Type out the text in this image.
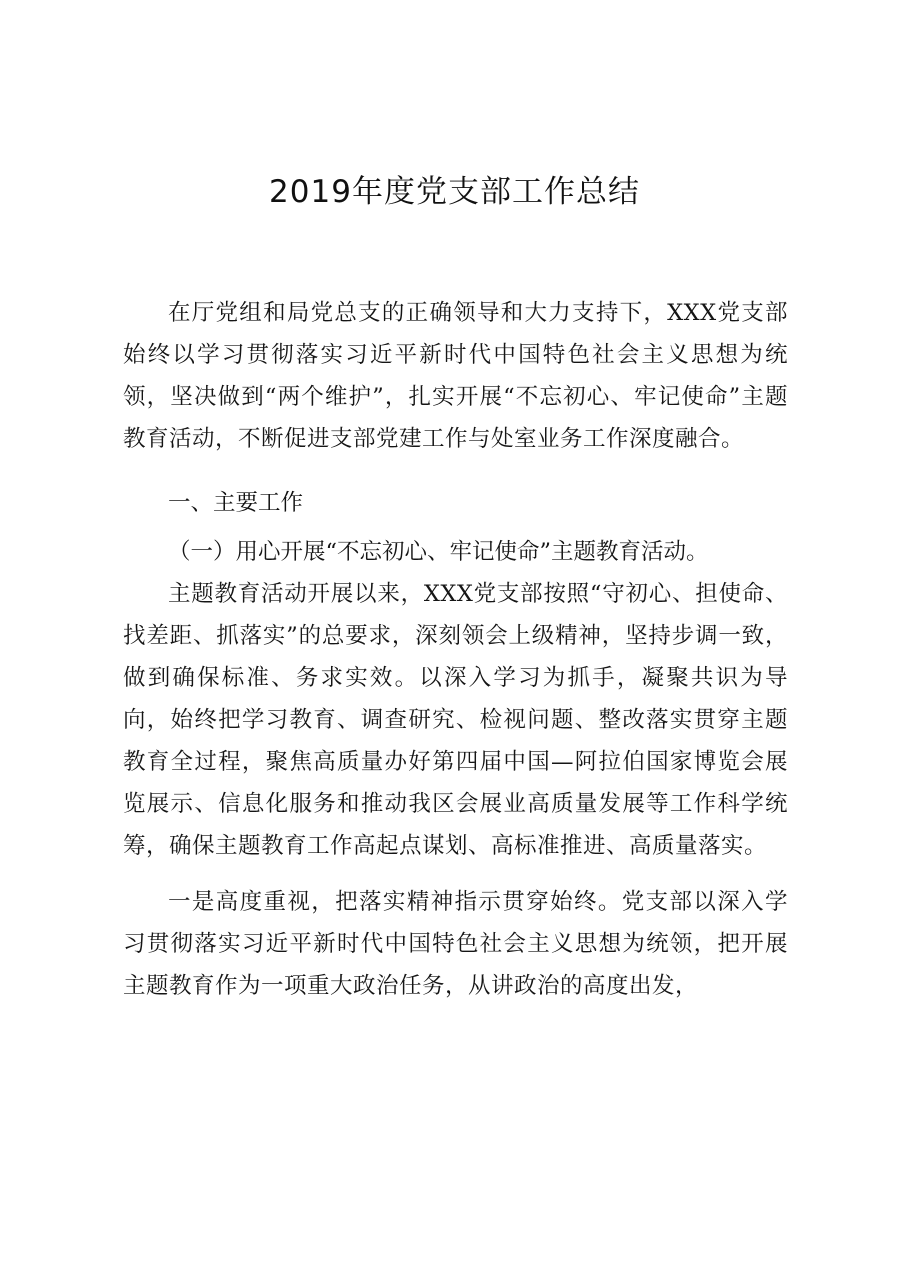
2019年度党支部工作总结

在厅党组和局党总支的正确领导和大力支持下，XXX党支部始终以学习贯彻落实习近平新时代中国特色社会主义思想为统领，坚决做到“两个维护”，扎实开展“不忘初心、牢记使命”主题教育活动，不断促进支部党建工作与处室业务工作深度融合。

一、主要工作
（一）用心开展“不忘初心、牢记使命”主题教育活动。

主题教育活动开展以来，XXX党支部按照“守初心、担使命、找差距、抓落实”的总要求，深刻领会上级精神，坚持步调一致，做到确保标准、务求实效。以深入学习为抓手，凝聚共识为导向，始终把学习教育、调查研究、检视问题、整改落实贯穿主题教育全过程，聚焦高质量办好第四届中国—阿拉伯国家博览会展览展示、信息化服务和推动我区会展业高质量发展等工作科学统筹，确保主题教育工作高起点谋划、高标准推进、高质量落实。

一是高度重视，把落实精神指示贯穿始终。党支部以深入学习贯彻落实习近平新时代中国特色社会主义思想为统领，把开展主题教育作为一项重大政治任务，从讲政治的高度出发，
